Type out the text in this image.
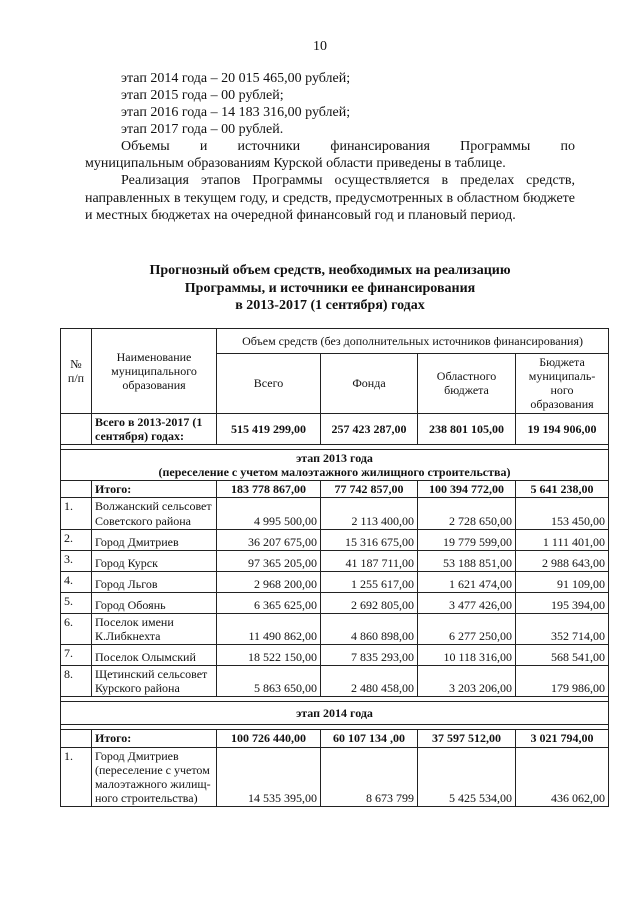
10

этап 2014 года – 20 015 465,00 рублей;

этап 2015 года – 00 рублей;

этап 2016 года – 14 183 316,00 рублей;

этап 2017 года – 00 рублей.

Объемы и источники финансирования Программы по

муниципальным образованиям Курской области приведены в таблице.

Реализация этапов Программы осуществляется в пределах средств, направленных в текущем году, и средств, предусмотренных в областном бюджете и местных бюджетах на очередной финансовый год и плановый период.

Прогнозный объем средств, необходимых на реализацию
Программы, и источники ее финансирования
в 2013-2017 (1 сентября) годах
№ п/п	Наименование муниципального образования	Объем средств (без дополнительных источников финансирования)			
		Всего	Фонда	Областного бюджета	Бюджета муниципаль-ного образования
	Всего в 2013-2017 (1 сентября) годах:	515 419 299,00	257 423 287,00	238 801 105,00	19 194 906,00

этап 2013 года
(переселение с учетом малоэтажного жилищного строительства)					

	Итого:	183 778 867,00	77 742 857,00	100 394 772,00	5 641 238,00
1.	Волжанский сельсовет Советского района	4 995 500,00	2 113 400,00	2 728 650,00	153 450,00
2.	Город Дмитриев	36 207 675,00	15 316 675,00	19 779 599,00	1 111 401,00
3.	Город Курск	97 365 205,00	41 187 711,00	53 188 851,00	2 988 643,00
4.	Город Льгов	2 968 200,00	1 255 617,00	1 621 474,00	91 109,00
5.	Город Обоянь	6 365 625,00	2 692 805,00	3 477 426,00	195 394,00
6.	Поселок имени К.Либкнехта	11 490 862,00	4 860 898,00	6 277 250,00	352 714,00
7.	Поселок Олымский	18 522 150,00	7 835 293,00	10 118 316,00	568 541,00
8.	Щетинский сельсовет Курского района	5 863 650,00	2 480 458,00	3 203 206,00	179 986,00

этап 2014 года					

	Итого:	100 726 440,00	60 107 134 ,00	37 597 512,00	3 021 794,00
1.	Город Дмитриев (переселение с учетом малоэтажного жилищ-ного строительства)	14 535 395,00	8 673 799	5 425 534,00	436 062,00
